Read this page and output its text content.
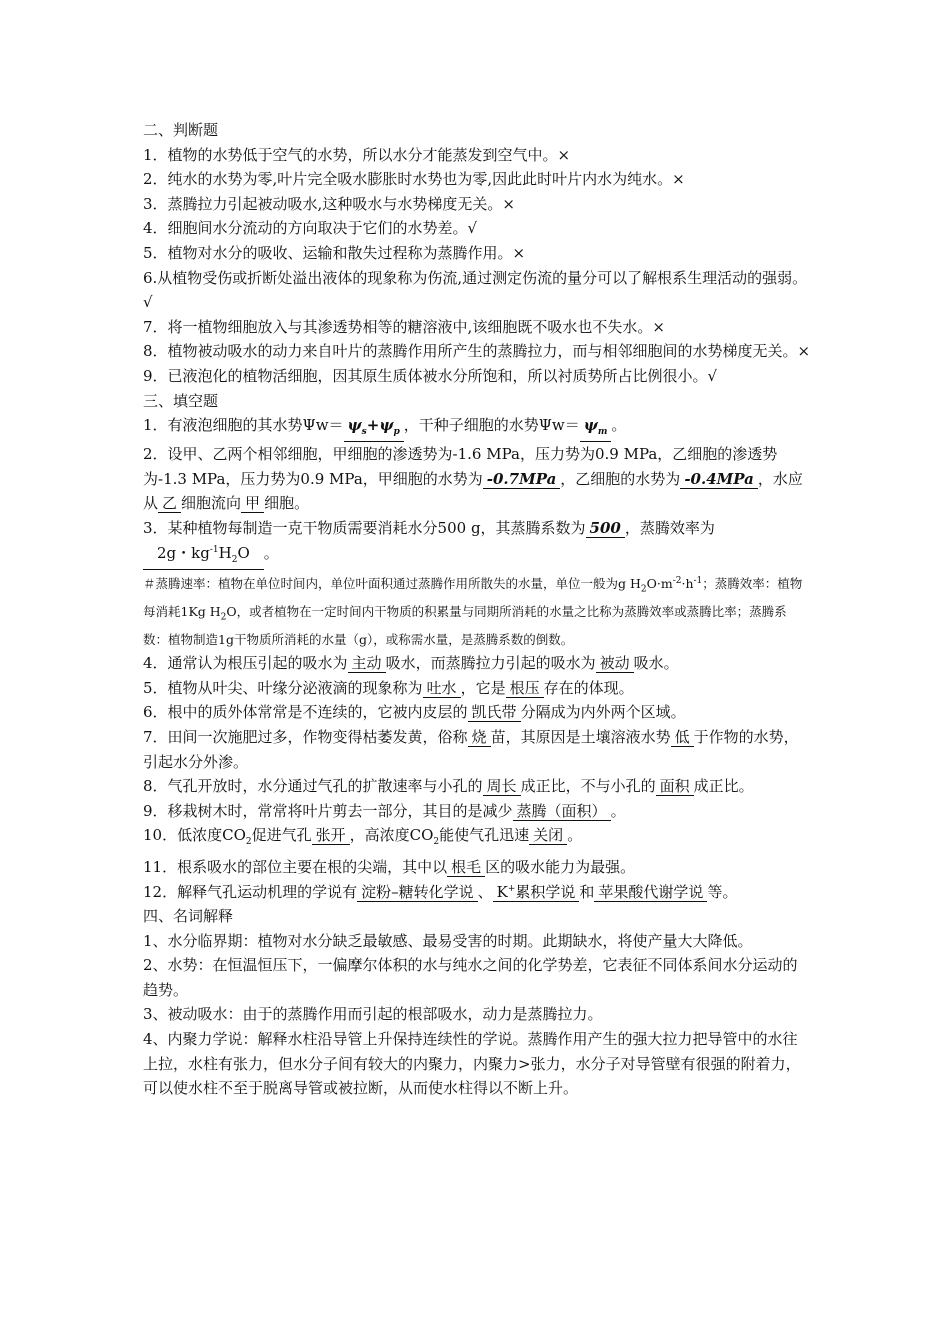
二、判断题
1．植物的水势低于空气的水势，所以水分才能蒸发到空气中。×
2．纯水的水势为零,叶片完全吸水膨胀时水势也为零,因此此时叶片内水为纯水。×
3．蒸腾拉力引起被动吸水,这种吸水与水势梯度无关。×
4．细胞间水分流动的方向取决于它们的水势差。√
5．植物对水分的吸收、运输和散失过程称为蒸腾作用。×
6.从植物受伤或折断处溢出液体的现象称为伤流,通过测定伤流的量分可以了解根系生理活动的强弱。√
7．将一植物细胞放入与其渗透势相等的糖溶液中,该细胞既不吸水也不失水。×
8．植物被动吸水的动力来自叶片的蒸腾作用所产生的蒸腾拉力，而与相邻细胞间的水势梯度无关。×
9．已液泡化的植物活细胞，因其原生质体被水分所饱和，所以衬质势所占比例很小。√
三、填空题
1．有液泡细胞的其水势$\Psi w= \psi_s+\psi_p$ ，干种子细胞的水势$\Psi w= \psi_m$ 。
2．设甲、乙两个相邻细胞，甲细胞的渗透势为-1.6 MPa，压力势为0.9 MPa，乙细胞的渗透势为-1.3 MPa，压力势为0.9 MPa，甲细胞的水势为 -0.7MPa ，乙细胞的水势为 -0.4MPa ，水应从 乙 细胞流向 甲 细胞。
3．某种植物每制造一克干物质需要消耗水分500 g，其蒸腾系数为 500 ，蒸腾效率为
2g・$kg^{-1}H_2O$ 。
＃蒸腾速率：植物在单位时间内，单位叶面积通过蒸腾作用所散失的水量，单位一般为g $H_2O\cdot m^{-2}\cdot h^{-1}$；蒸腾效率：植物每消耗1Kg $H_2O$，或者植物在一定时间内干物质的积累量与同期所消耗的水量之比称为蒸腾效率或蒸腾比率；蒸腾系数：植物制造1g干物质所消耗的水量（g），或称需水量，是蒸腾系数的倒数。
4．通常认为根压引起的吸水为 主动 吸水，而蒸腾拉力引起的吸水为 被动 吸水。
5．植物从叶尖、叶缘分泌液滴的现象称为 吐水 ，它是 根压 存在的体现。
6．根中的质外体常常是不连续的，它被内皮层的 凯氏带 分隔成为内外两个区域。
7．田间一次施肥过多，作物变得枯萎发黄，俗称 烧 苗，其原因是土壤溶液水势 低 于作物的水势，引起水分外渗。
8．气孔开放时，水分通过气孔的扩散速率与小孔的 周长 成正比，不与小孔的 面积 成正比。
9．移栽树木时，常常将叶片剪去一部分，其目的是减少 蒸腾（面积） 。
10．低浓度$CO_2$促进气孔 张开 ，高浓度$CO_2$能使气孔迅速 关闭 。
11．根系吸水的部位主要在根的尖端，其中以 根毛 区的吸水能力为最强。
12．解释气孔运动机理的学说有 淀粉–糖转化学说 、 K+累积学说 和 苹果酸代谢学说 等。
四、名词解释
1、水分临界期：植物对水分缺乏最敏感、最易受害的时期。此期缺水，将使产量大大降低。
2、水势：在恒温恒压下，一偏摩尔体积的水与纯水之间的化学势差，它表征不同体系间水分运动的趋势。
3、被动吸水：由于的蒸腾作用而引起的根部吸水，动力是蒸腾拉力。
4、内聚力学说：解释水柱沿导管上升保持连续性的学说。蒸腾作用产生的强大拉力把导管中的水往上拉，水柱有张力，但水分子间有较大的内聚力，内聚力>张力，水分子对导管壁有很强的附着力，可以使水柱不至于脱离导管或被拉断，从而使水柱得以不断上升。
